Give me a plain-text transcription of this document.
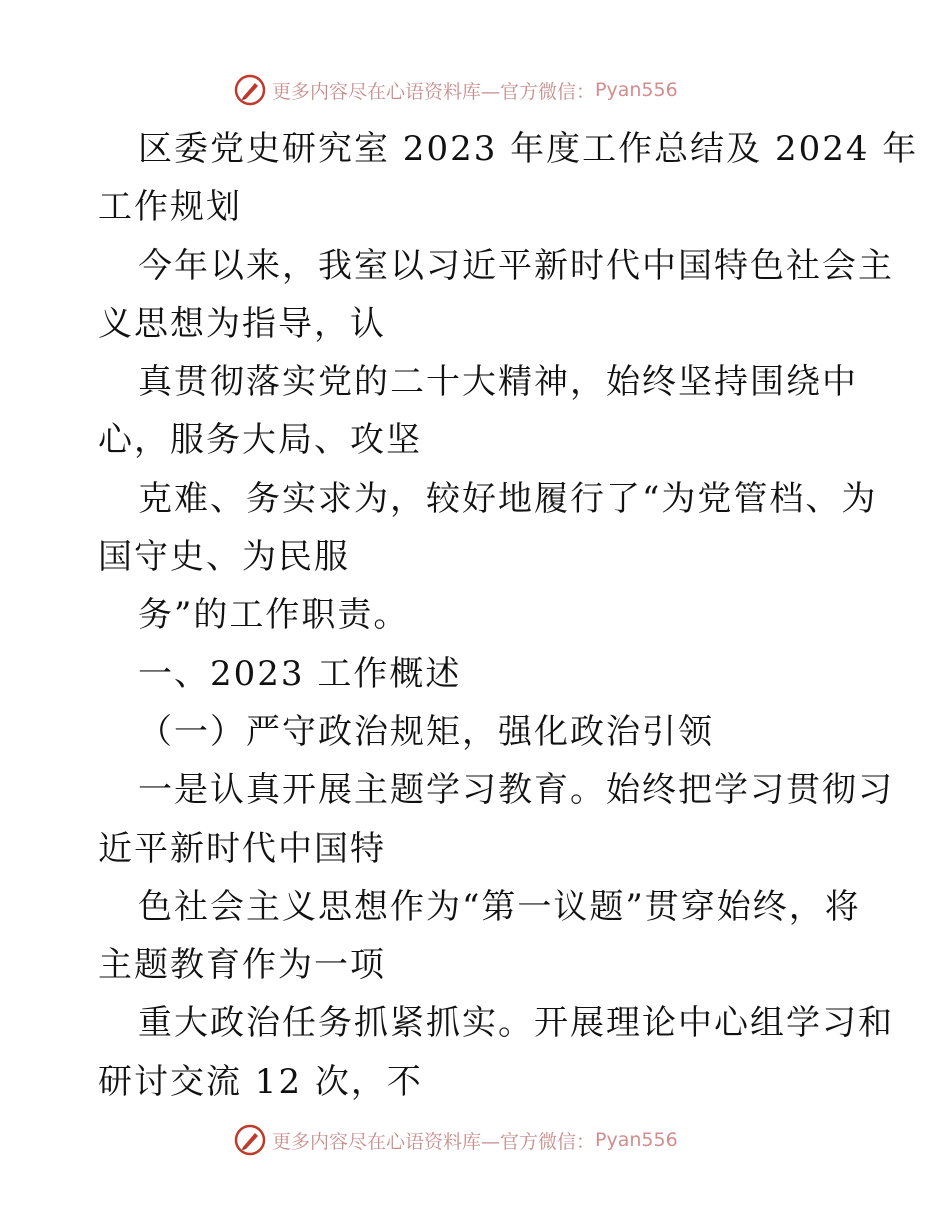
更多内容尽在心语资料库—官方微信： Pyan556
区委党史研究室 2023 年度工作总结及 2024 年
工作规划
今年以来，我室以习近平新时代中国特色社会主
义思想为指导，认
真贯彻落实党的二十大精神，始终坚持围绕中
心，服务大局、攻坚
克难、务实求为，较好地履行了“为党管档、为
国守史、为民服
务”的工作职责。
一、2023 工作概述
（一）严守政治规矩，强化政治引领
一是认真开展主题学习教育。始终把学习贯彻习
近平新时代中国特
色社会主义思想作为“第一议题”贯穿始终，将
主题教育作为一项
重大政治任务抓紧抓实。开展理论中心组学习和
研讨交流 12 次，不
更多内容尽在心语资料库—官方微信： Pyan556
